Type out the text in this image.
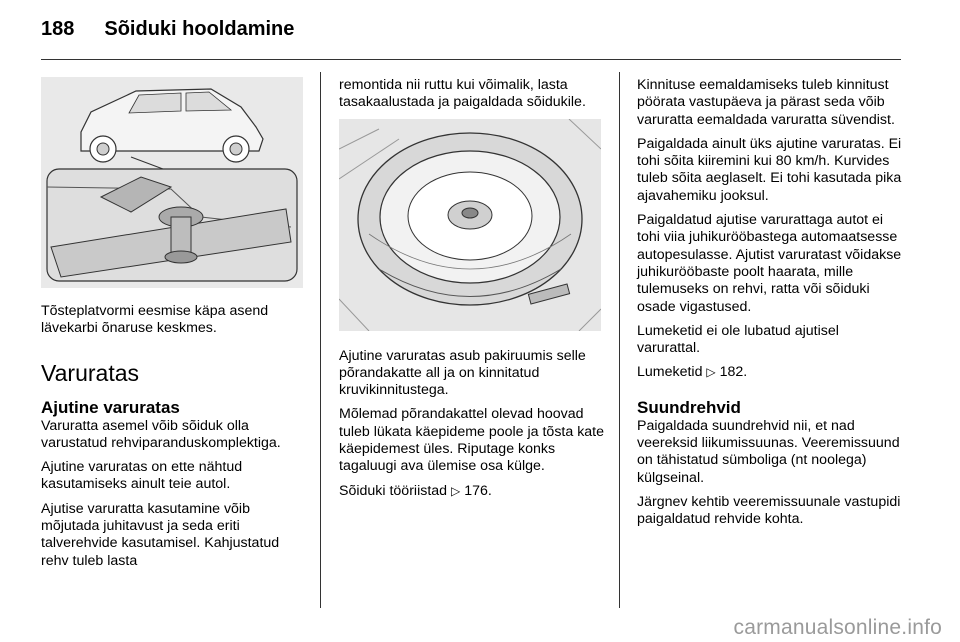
188 Sõiduki hooldamine

Tõsteplatvormi eesmise käpa asend lävekarbi õnaruse keskmes.

Varuratas
Ajutine varuratas

Varuratta asemel võib sõiduk olla varustatud rehviparanduskomplektiga.

Ajutine varuratas on ette nähtud kasutamiseks ainult teie autol.

Ajutise varuratta kasutamine võib mõjutada juhitavust ja seda eriti talverehvide kasutamisel. Kahjustatud rehv tuleb lasta

remontida nii ruttu kui võimalik, lasta tasakaalustada ja paigaldada sõidukile.

Ajutine varuratas asub pakiruumis selle põrandakatte all ja on kinnitatud kruvikinnitustega.

Mõlemad põrandakattel olevad hoovad tuleb lükata käepideme poole ja tõsta kate käepidemest üles. Riputage konks tagaluugi ava ülemise osa külge.

Sõiduki tööriistad ▷ 176.

Kinnituse eemaldamiseks tuleb kinnitust pöörata vastupäeva ja pärast seda võib varuratta eemaldada varuratta süvendist.

Paigaldada ainult üks ajutine varuratas. Ei tohi sõita kiiremini kui 80 km/h. Kurvides tuleb sõita aeglaselt. Ei tohi kasutada pika ajavahemiku jooksul.

Paigaldatud ajutise varurattaga autot ei tohi viia juhikuröö​bastega automaatsesse autopesulasse. Ajutist varuratast võidakse juhikuröö​baste poolt haarata, mille tulemuseks on rehvi, ratta või sõiduki osade vigastused.

Lumeketid ei ole lubatud ajutisel varurattal.

Lumeketid ▷ 182.

Suundrehvid

Paigaldada suundrehvid nii, et nad veereksid liikumissuunas. Veeremissuund on tähistatud sümboliga (nt noolega) külgseinal.

Järgnev kehtib veeremissuunale vastupidi paigaldatud rehvide kohta.

carmanualsonline.info
